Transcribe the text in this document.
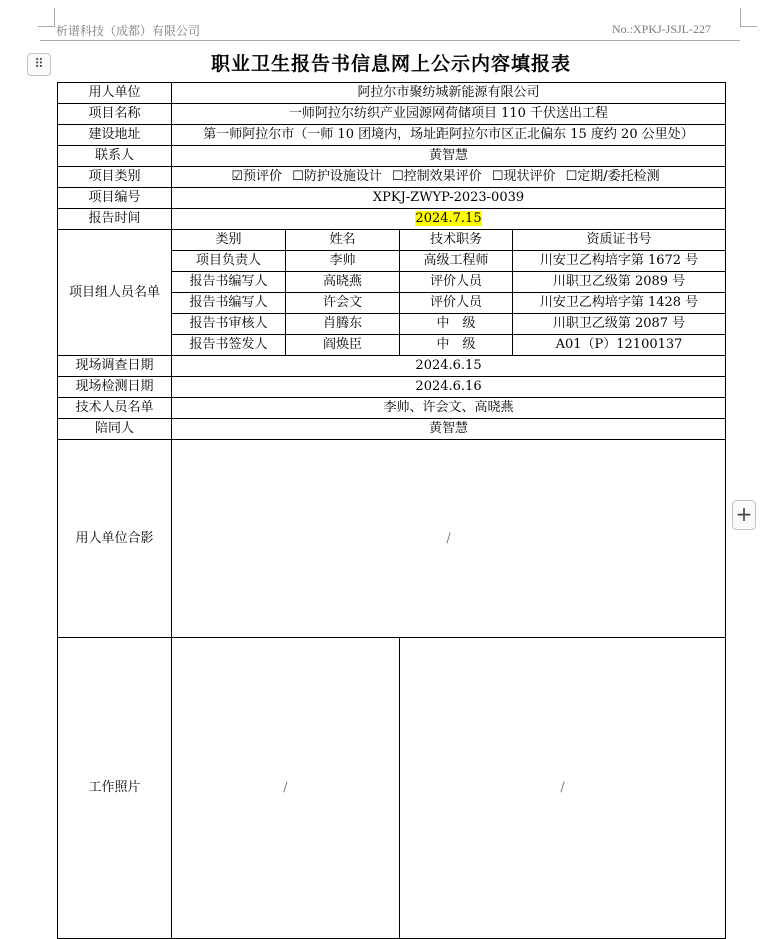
析谱科技（成都）有限公司	No.:XPKJ-JSJL-227
⠿
+
职业卫生报告书信息网上公示内容填报表
用人单位	阿拉尔市聚纺城新能源有限公司			
项目名称	一师阿拉尔纺织产业园源网荷储项目 110 千伏送出工程			
建设地址	第一师阿拉尔市（一师 10 团境内，场址距阿拉尔市区正北偏东 15 度约 20 公里处）			
联系人	黄智慧			
项目类别	☑预评价 ☐防护设施设计 ☐控制效果评价 ☐现状评价 ☐定期/委托检测			
项目编号	XPKJ-ZWYP-2023-0039			
报告时间	2024.7.15			
项目组人员名单	类别	姓名	技术职务	资质证书号
	项目负责人	李帅	高级工程师	川安卫乙构培字第 1672 号
	报告书编写人	高晓燕	评价人员	川职卫乙级第 2089 号
	报告书编写人	许会文	评价人员	川安卫乙构培字第 1428 号
	报告书审核人	肖腾东	中　级	川职卫乙级第 2087 号
	报告书签发人	阎焕臣	中　级	A01（P）12100137
现场调查日期	2024.6.15			
现场检测日期	2024.6.16			
技术人员名单	李帅、许会文、高晓燕			
陪同人	黄智慧			
用人单位合影	/			
工作照片	/		/	
